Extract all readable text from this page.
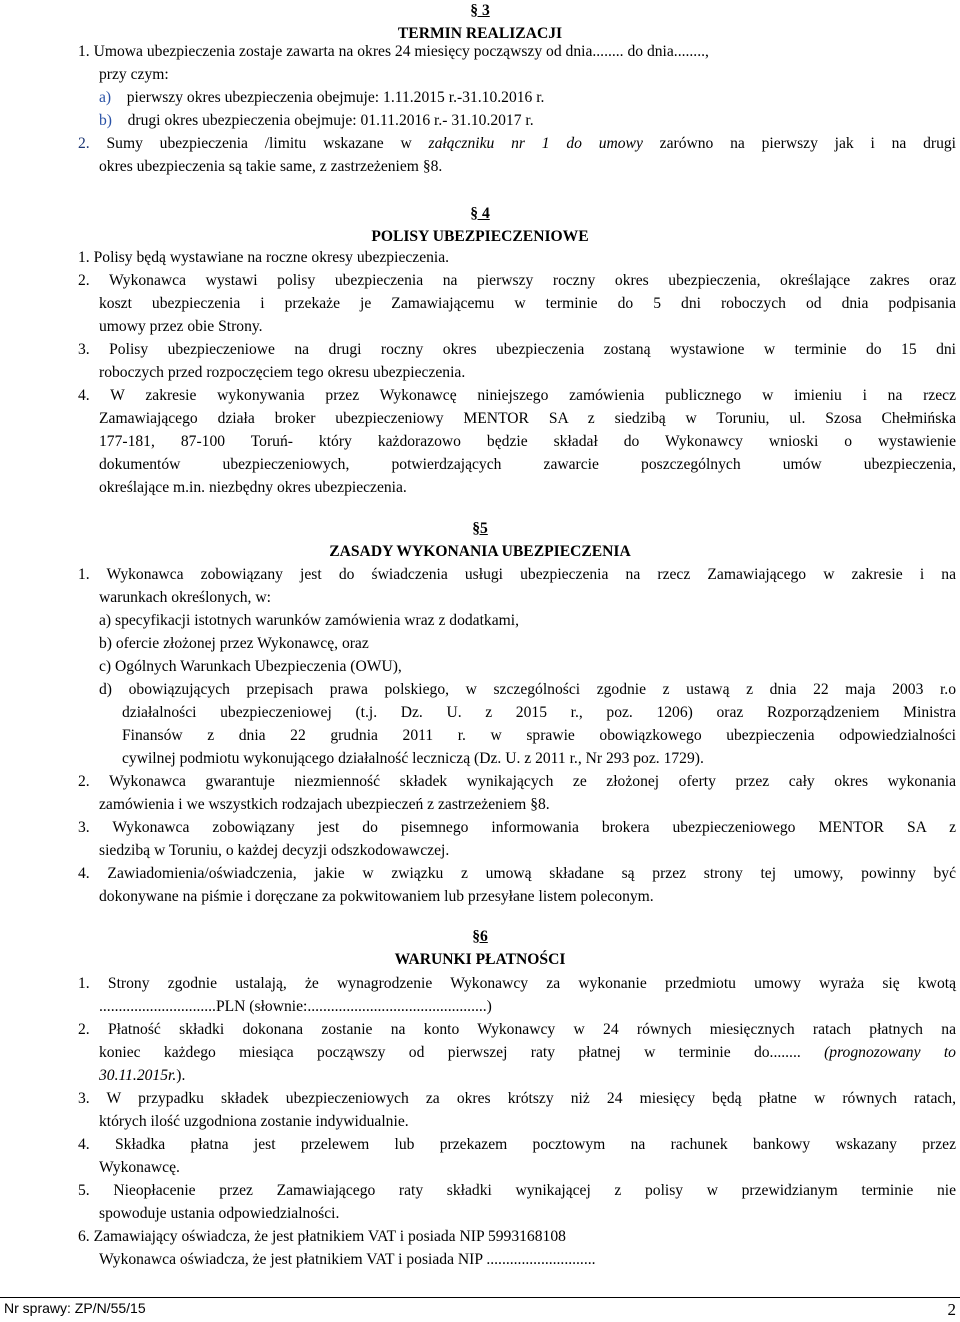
§ 3
TERMIN REALIZACJI
1. Umowa ubezpieczenia zostaje zawarta na okres 24 miesięcy począwszy od dnia........ do dnia........,
przy czym:
a) pierwszy okres ubezpieczenia obejmuje: 1.11.2015 r.-31.10.2016 r.
b) drugi okres ubezpieczenia obejmuje: 01.11.2016 r.- 31.10.2017 r.
2. Sumy ubezpieczenia /limitu wskazane w załączniku nr 1 do umowy zarówno na pierwszy jak i na drugi
okres ubezpieczenia są takie same, z zastrzeżeniem §8.
§ 4
POLISY UBEZPIECZENIOWE
1. Polisy będą wystawiane na roczne okresy ubezpieczenia.
2. Wykonawca wystawi polisy ubezpieczenia na pierwszy roczny okres ubezpieczenia, określające zakres oraz
koszt ubezpieczenia i przekaże je Zamawiającemu w terminie do 5 dni roboczych od dnia podpisania
umowy przez obie Strony.
3. Polisy ubezpieczeniowe na drugi roczny okres ubezpieczenia zostaną wystawione w terminie do 15 dni
roboczych przed rozpoczęciem tego okresu ubezpieczenia.
4. W zakresie wykonywania przez Wykonawcę niniejszego zamówienia publicznego w imieniu i na rzecz
Zamawiającego działa broker ubezpieczeniowy MENTOR SA z siedzibą w Toruniu, ul. Szosa Chełmińska
177-181, 87-100 Toruń- który każdorazowo będzie składał do Wykonawcy wnioski o wystawienie
dokumentów ubezpieczeniowych, potwierdzających zawarcie poszczególnych umów ubezpieczenia,
określające m.in. niezbędny okres ubezpieczenia.
§5
ZASADY WYKONANIA UBEZPIECZENIA
1. Wykonawca zobowiązany jest do świadczenia usługi ubezpieczenia na rzecz Zamawiającego w zakresie i na
warunkach określonych, w:
a) specyfikacji istotnych warunków zamówienia wraz z dodatkami,
b) ofercie złożonej przez Wykonawcę, oraz
c) Ogólnych Warunkach Ubezpieczenia (OWU),
d) obowiązujących przepisach prawa polskiego, w szczególności zgodnie z ustawą z dnia 22 maja 2003 r.o
działalności ubezpieczeniowej (t.j. Dz. U. z 2015 r., poz. 1206) oraz Rozporządzeniem Ministra
Finansów z dnia 22 grudnia 2011 r. w sprawie obowiązkowego ubezpieczenia odpowiedzialności
cywilnej podmiotu wykonującego działalność leczniczą (Dz. U. z 2011 r., Nr 293 poz. 1729).
2. Wykonawca gwarantuje niezmienność składek wynikających ze złożonej oferty przez cały okres wykonania
zamówienia i we wszystkich rodzajach ubezpieczeń z zastrzeżeniem §8.
3. Wykonawca zobowiązany jest do pisemnego informowania brokera ubezpieczeniowego MENTOR SA z
siedzibą w Toruniu, o każdej decyzji odszkodowawczej.
4. Zawiadomienia/oświadczenia, jakie w związku z umową składane są przez strony tej umowy, powinny być
dokonywane na piśmie i doręczane za pokwitowaniem lub przesyłane listem poleconym.
§6
WARUNKI PŁATNOŚCI
1. Strony zgodnie ustalają, że wynagrodzenie Wykonawcy za wykonanie przedmiotu umowy wyraża się kwotą
..............................PLN (słownie:..............................................)
2. Płatność składki dokonana zostanie na konto Wykonawcy w 24 równych miesięcznych ratach płatnych na
koniec każdego miesiąca począwszy od pierwszej raty płatnej w terminie do........ (prognozowany to
30.11.2015r.).
3. W przypadku składek ubezpieczeniowych za okres krótszy niż 24 miesięcy będą płatne w równych ratach,
których ilość uzgodniona zostanie indywidualnie.
4. Składka płatna jest przelewem lub przekazem pocztowym na rachunek bankowy wskazany przez
Wykonawcę.
5. Nieopłacenie przez Zamawiającego raty składki wynikającej z polisy w przewidzianym terminie nie
spowoduje ustania odpowiedzialności.
6. Zamawiający oświadcza, że jest płatnikiem VAT i posiada NIP 5993168108
Wykonawca oświadcza, że jest płatnikiem VAT i posiada NIP ............................
Nr sprawy: ZP/N/55/15	2
